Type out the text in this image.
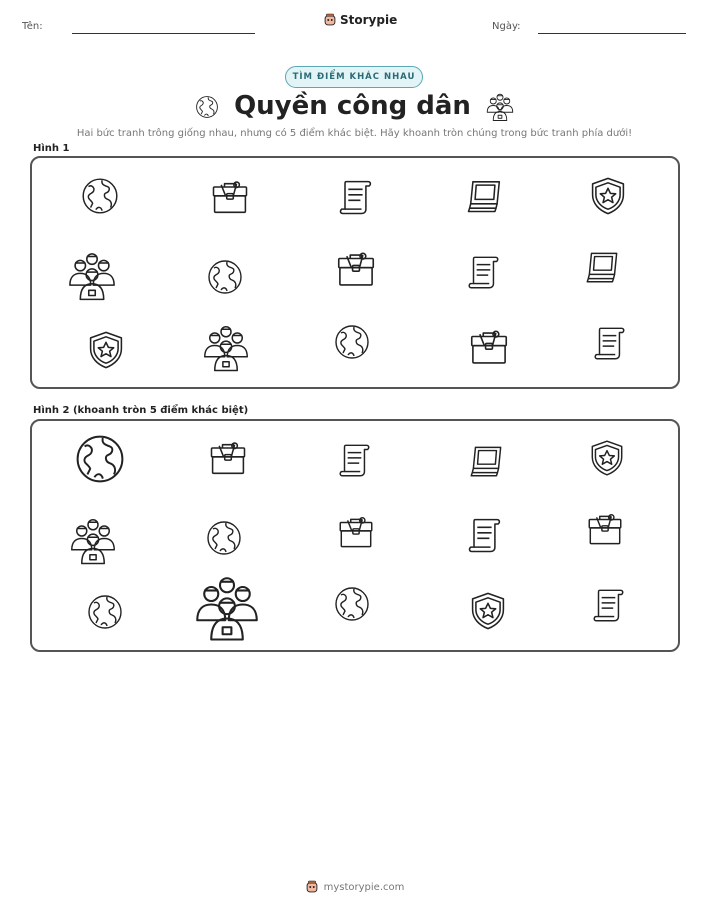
Tên:	Storypie	Ngày:
TÌM ĐIỂM KHÁC NHAU
Quyền công dân
Hai bức tranh trông giống nhau, nhưng có 5 điểm khác biệt. Hãy khoanh tròn chúng trong bức tranh phía dưới!
Hình 1
Hình 2 (khoanh tròn 5 điểm khác biệt)
mystorypie.com
